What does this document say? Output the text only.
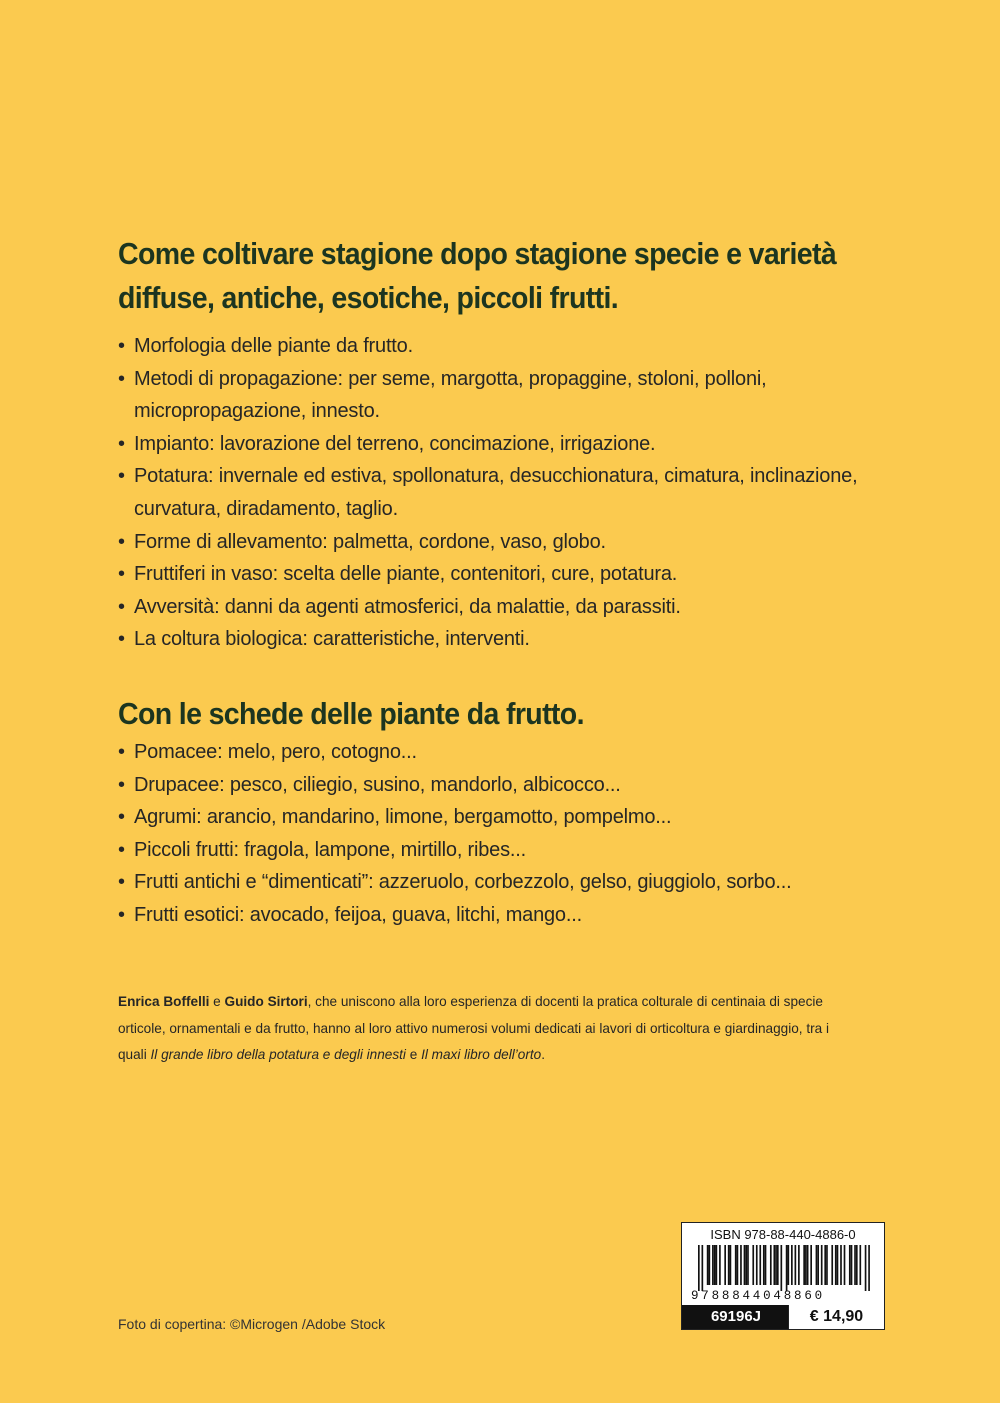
Come coltivare stagione dopo stagione specie e varietà diffuse, antiche, esotiche, piccoli frutti.
• Morfologia delle piante da frutto.
• Metodi di propagazione: per seme, margotta, propaggine, stoloni, polloni, micropropagazione, innesto.
• Impianto: lavorazione del terreno, concimazione, irrigazione.
• Potatura: invernale ed estiva, spollonatura, desucchionatura, cimatura, inclinazione, curvatura, diradamento, taglio.
• Forme di allevamento: palmetta, cordone, vaso, globo.
• Fruttiferi in vaso: scelta delle piante, contenitori, cure, potatura.
• Avversità: danni da agenti atmosferici, da malattie, da parassiti.
• La coltura biologica: caratteristiche, interventi.
Con le schede delle piante da frutto.
• Pomacee: melo, pero, cotogno...
• Drupacee: pesco, ciliegio, susino, mandorlo, albicocco...
• Agrumi: arancio, mandarino, limone, bergamotto, pompelmo...
• Piccoli frutti: fragola, lampone, mirtillo, ribes...
• Frutti antichi e “dimenticati”: azzeruolo, corbezzolo, gelso, giuggiolo, sorbo...
• Frutti esotici: avocado, feijoa, guava, litchi, mango...

Enrica Boffelli e Guido Sirtori, che uniscono alla loro esperienza di docenti la pratica colturale di centinaia di specie orticole, ornamentali e da frutto, hanno al loro attivo numerosi volumi dedicati ai lavori di orticoltura e giardinaggio, tra i quali Il grande libro della potatura e degli innesti e Il maxi libro dell’orto.

Foto di copertina: ©Microgen /Adobe Stock
ISBN 978-88-440-4886-0
9788844048860
69196J	€ 14,90
